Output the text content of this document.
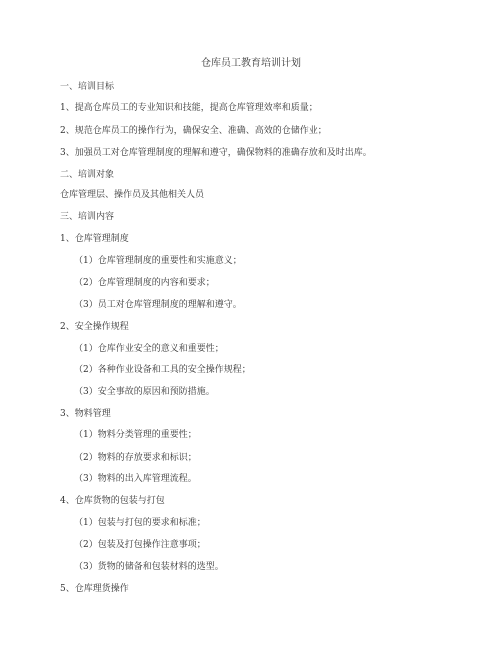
仓库员工教育培训计划
一、培训目标
1、提高仓库员工的专业知识和技能，提高仓库管理效率和质量；
2、规范仓库员工的操作行为，确保安全、准确、高效的仓储作业；
3、加强员工对仓库管理制度的理解和遵守，确保物料的准确存放和及时出库。
二、培训对象
仓库管理层、操作员及其他相关人员
三、培训内容
1、仓库管理制度
（1）仓库管理制度的重要性和实施意义；
（2）仓库管理制度的内容和要求；
（3）员工对仓库管理制度的理解和遵守。
2、安全操作规程
（1）仓库作业安全的意义和重要性；
（2）各种作业设备和工具的安全操作规程；
（3）安全事故的原因和预防措施。
3、物料管理
（1）物料分类管理的重要性；
（2）物料的存放要求和标识；
（3）物料的出入库管理流程。
4、仓库货物的包装与打包
（1）包装与打包的要求和标准；
（2）包装及打包操作注意事项；
（3）货物的储备和包装材料的选型。
5、仓库理货操作
